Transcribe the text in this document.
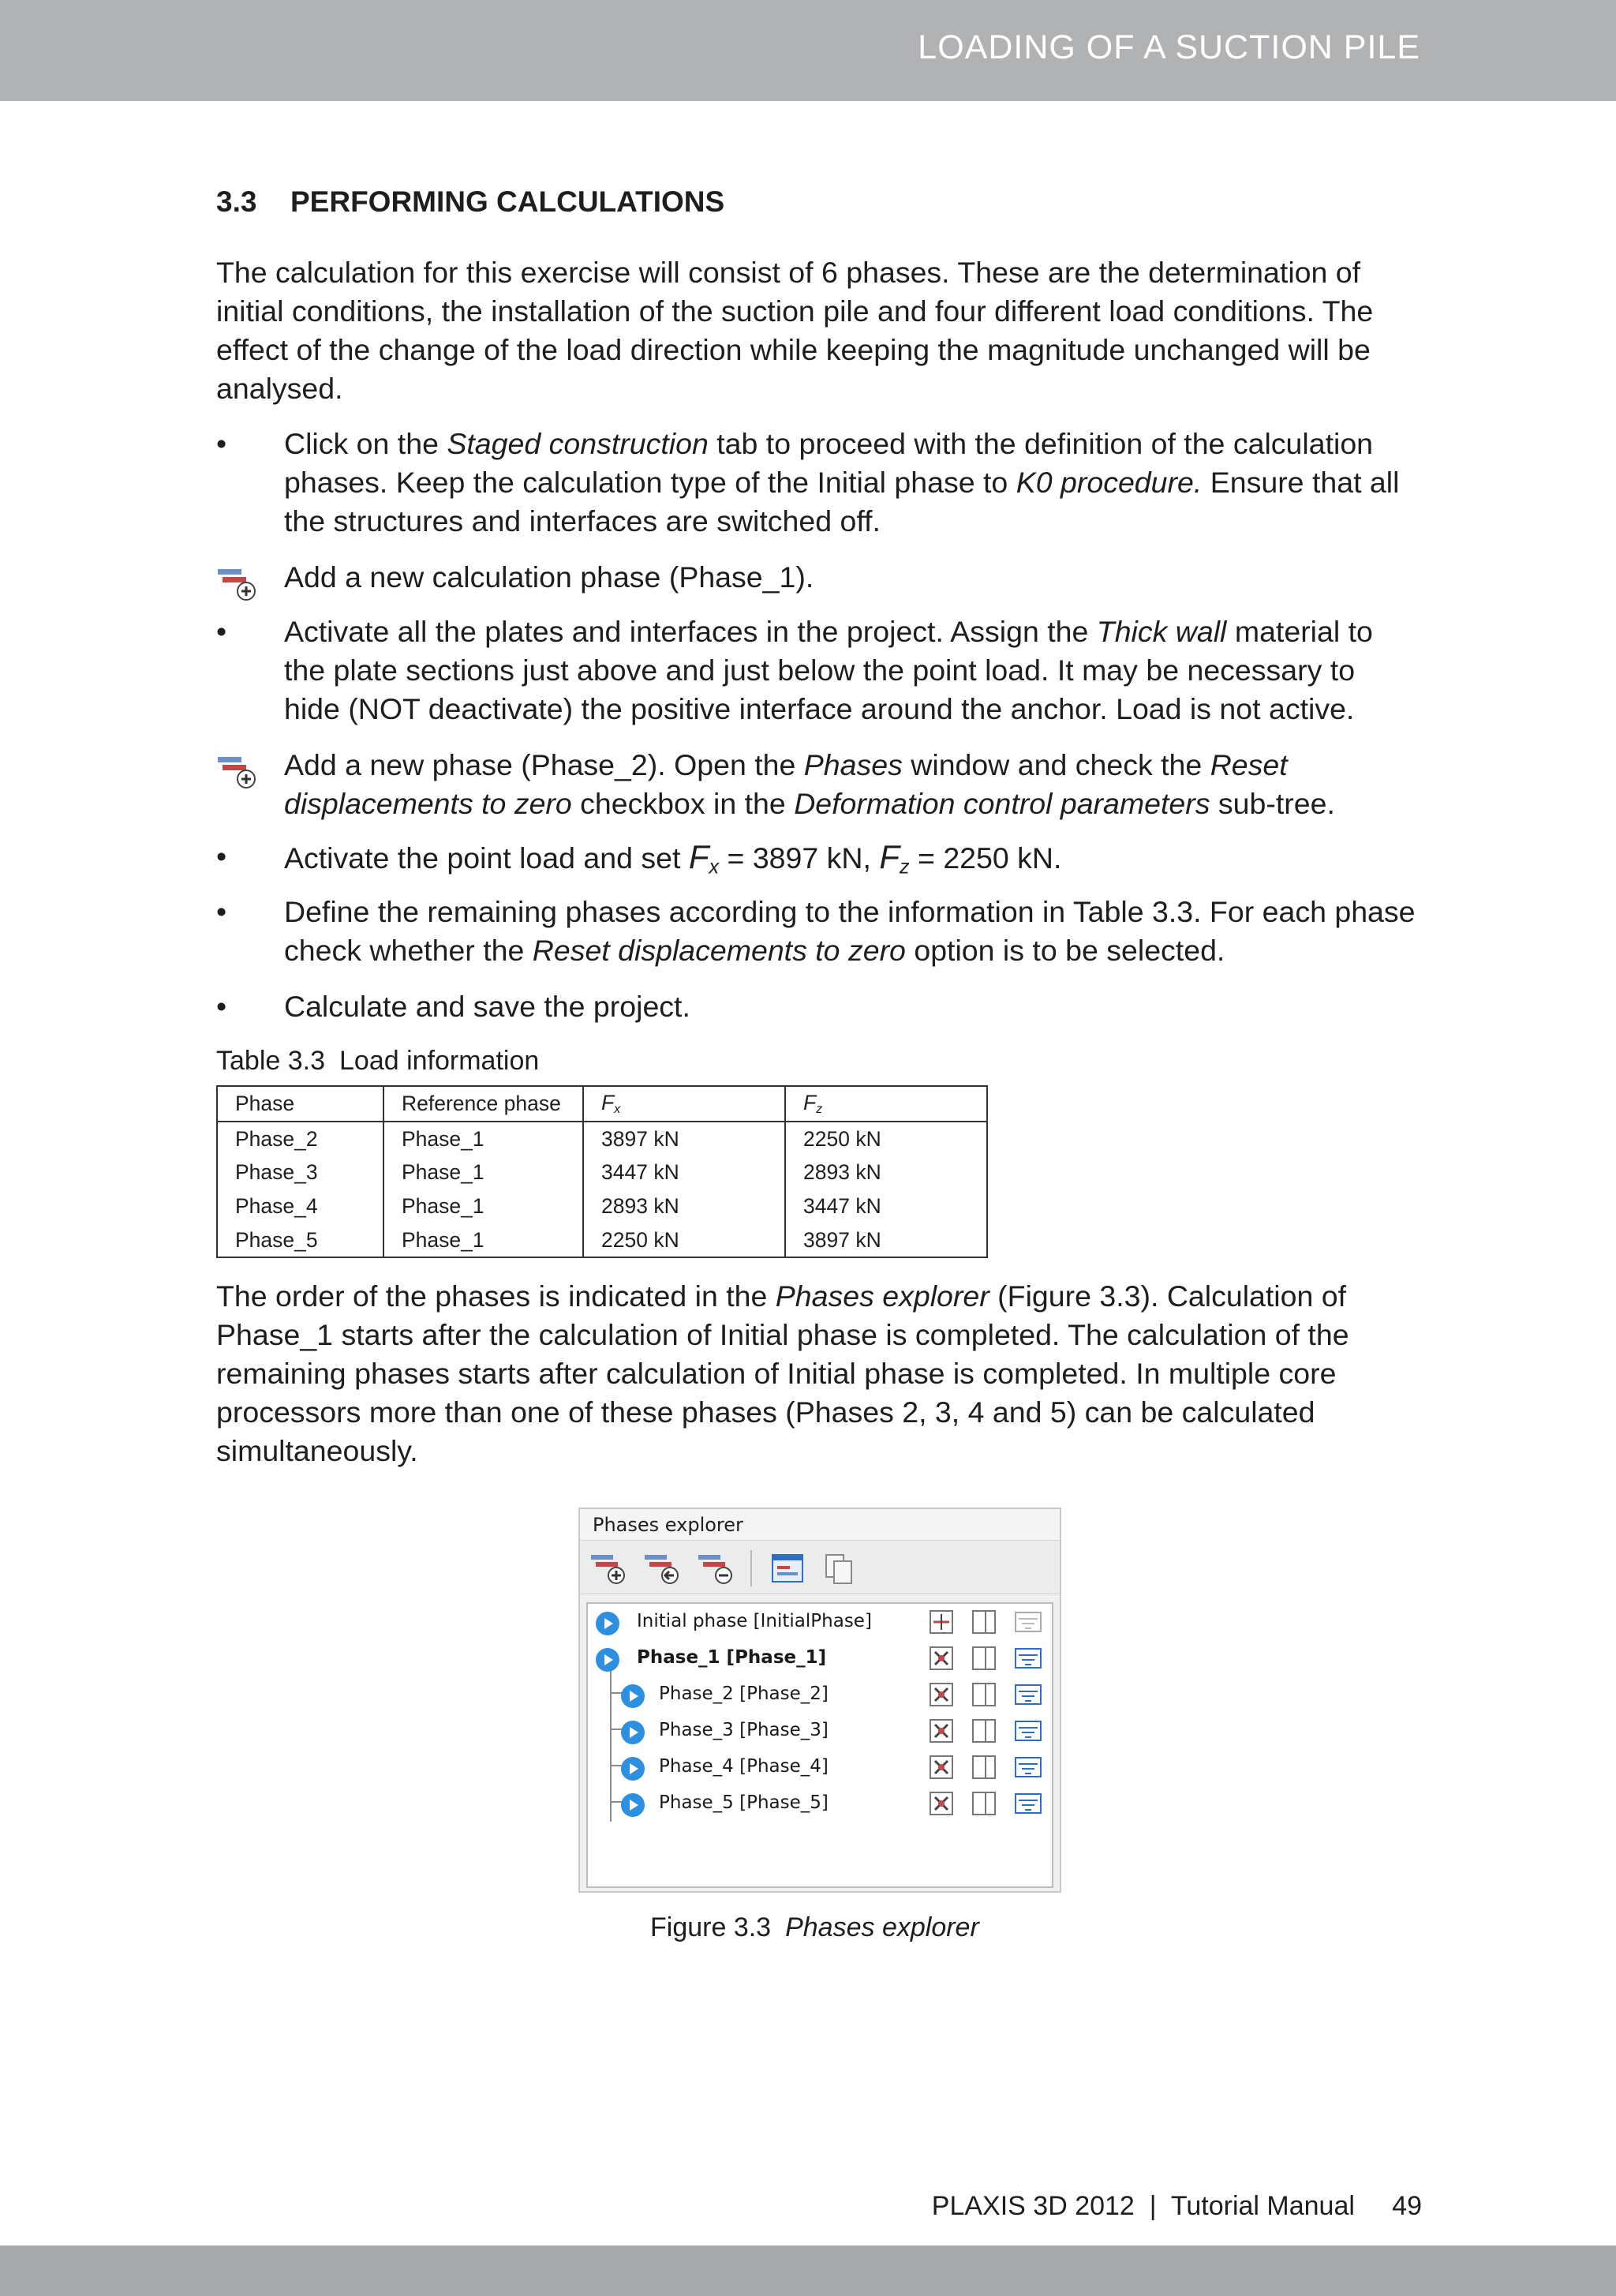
LOADING OF A SUCTION PILE
3.3 PERFORMING CALCULATIONS
The calculation for this exercise will consist of 6 phases. These are the determination of initial conditions, the installation of the suction pile and four different load conditions. The effect of the change of the load direction while keeping the magnitude unchanged will be analysed.
•	Click on the Staged construction tab to proceed with the definition of the calculation phases. Keep the calculation type of the Initial phase to K0 procedure. Ensure that all the structures and interfaces are switched off.
Add a new calculation phase (Phase_1).
•	Activate all the plates and interfaces in the project. Assign the Thick wall material to the plate sections just above and just below the point load. It may be necessary to hide (NOT deactivate) the positive interface around the anchor. Load is not active.
Add a new phase (Phase_2). Open the Phases window and check the Reset displacements to zero checkbox in the Deformation control parameters sub-tree.
•	Activate the point load and set $F_x = 3897$ kN, $F_z = 2250$ kN.
•	Define the remaining phases according to the information in Table 3.3. For each phase check whether the Reset displacements to zero option is to be selected.
•	Calculate and save the project.
Table 3.3 Load information
Phase	Reference phase	$F_x$	$F_z$
Phase_2	Phase_1	3897 kN	2250 kN
Phase_3	Phase_1	3447 kN	2893 kN
Phase_4	Phase_1	2893 kN	3447 kN
Phase_5	Phase_1	2250 kN	3897 kN
The order of the phases is indicated in the Phases explorer (Figure 3.3). Calculation of Phase_1 starts after the calculation of Initial phase is completed. The calculation of the remaining phases starts after calculation of Initial phase is completed. In multiple core processors more than one of these phases (Phases 2, 3, 4 and 5) can be calculated simultaneously.
Phases explorer

Initial phase [InitialPhase]

Phase_1 [Phase_1]

Phase_2 [Phase_2]

Phase_3 [Phase_3]

Phase_4 [Phase_4]

Phase_5 [Phase_5]

Figure 3.3 Phases explorer
PLAXIS 3D 2012 | Tutorial Manual 49
